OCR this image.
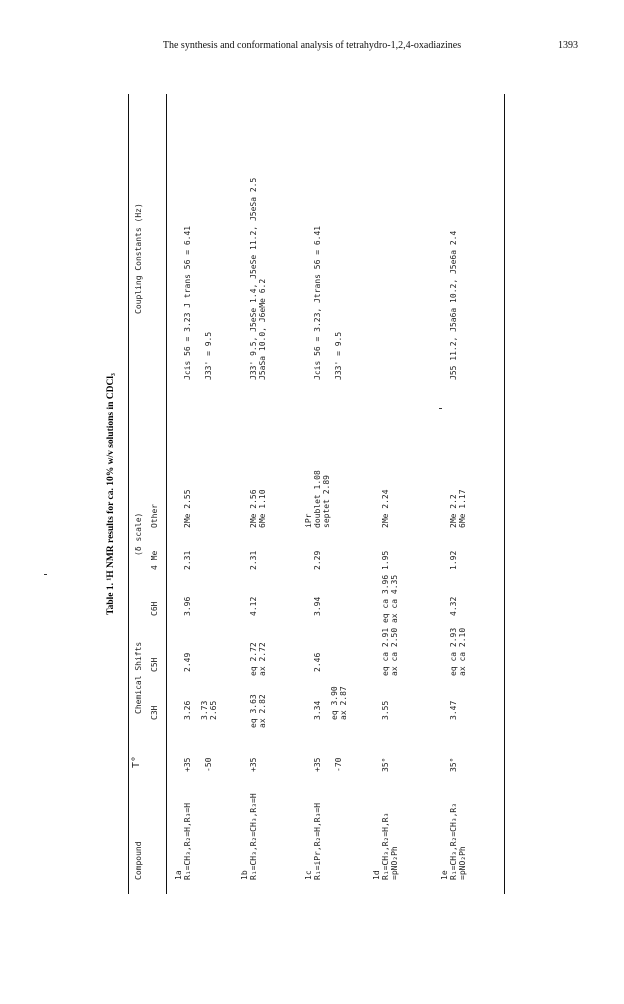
The synthesis and conformational analysis of tetrahydro-1,2,4-oxadiazines	1393
Table 1. ¹H NMR results for ca. 10% w/v solutions in CDCl₃
Compound
T°
Chemical Shifts
(δ scale)
Coupling Constants (Hz)
C3H
C5H
C6H
4 Me
Other
1a R₁=CH₃,R₂=H,R₃=H
+35
3.26
2.49
3.96
2.31
2Me 2.55
Jcis 56 = 3.23 J trans 56 = 6.41
-50
3.73
2.65
J33' = 9.5
1b R₁=CH₃,R₂=CH₃,R₃=H
+35
eq 3.63
ax 2.82
eq 2.72
ax 2.72
4.12
2.31
2Me 2.56
6Me 1.10
J33' 9.5, J5eSe 1.4, J5eSe 11.2, J5eSa 2.5
J5aSa 10.0, J6eMe 6.2
1c R₁=iPr,R₂=H,R₃=H
+35
3.34
2.46
3.94
2.29
iPr
doublet 1.08
septet 2.89
Jcis 56 = 3.23, Jtrans 56 = 6.41
-70
eq 3.90
ax 2.87
J33' = 9.5
1d R₁=CH₃,R₂=H,R₃
=pNO₂Ph
35°
3.55
eq ca 2.91 eq ca 3.96
ax ca 2.50 ax ca 4.35
1.95
2Me 2.24
1e R₁=CH₃,R₂=CH₃,R₃
=pNO₂Ph
35°
3.47
eq ca 2.93
ax ca 2.10
4.32
1.92
2Me 2.2
6Me 1.17
J55 11.2, J5a6a 10.2, J5e6a 2.4
